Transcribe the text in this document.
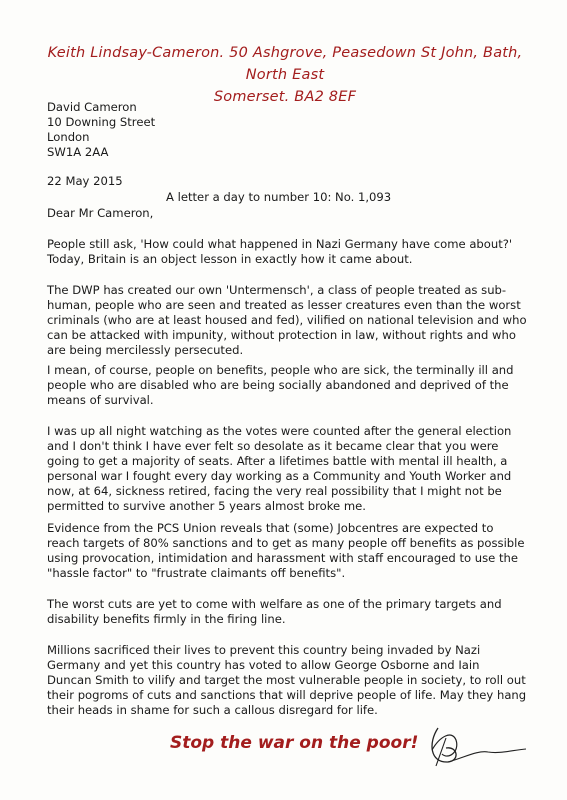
Keith Lindsay-Cameron. 50 Ashgrove, Peasedown St John, Bath, North East
Somerset. BA2 8EF
David Cameron
10 Downing Street
London
SW1A 2AA
22 May 2015
A letter a day to number 10: No. 1,093
Dear Mr Cameron,

People still ask, 'How could what happened in Nazi Germany have come about?' Today, Britain is an object lesson in exactly how it came about.

The DWP has created our own 'Untermensch', a class of people treated as sub-human, people who are seen and treated as lesser creatures even than the worst criminals (who are at least housed and fed), vilified on national television and who can be attacked with impunity, without protection in law, without rights and who are being mercilessly persecuted.

I mean, of course, people on benefits, people who are sick, the terminally ill and people who are disabled who are being socially abandoned and deprived of the means of survival.

I was up all night watching as the votes were counted after the general election and I don't think I have ever felt so desolate as it became clear that you were going to get a majority of seats. After a lifetimes battle with mental ill health, a personal war I fought every day working as a Community and Youth Worker and now, at 64, sickness retired, facing the very real possibility that I might not be permitted to survive another 5 years almost broke me.

Evidence from the PCS Union reveals that (some) Jobcentres are expected to reach targets of 80% sanctions and to get as many people off benefits as possible using provocation, intimidation and harassment with staff encouraged to use the "hassle factor" to "frustrate claimants off benefits".

The worst cuts are yet to come with welfare as one of the primary targets and disability benefits firmly in the firing line.

Millions sacrificed their lives to prevent this country being invaded by Nazi Germany and yet this country has voted to allow George Osborne and Iain Duncan Smith to vilify and target the most vulnerable people in society, to roll out their pogroms of cuts and sanctions that will deprive people of life. May they hang their heads in shame for such a callous disregard for life.

Stop the war on the poor!
